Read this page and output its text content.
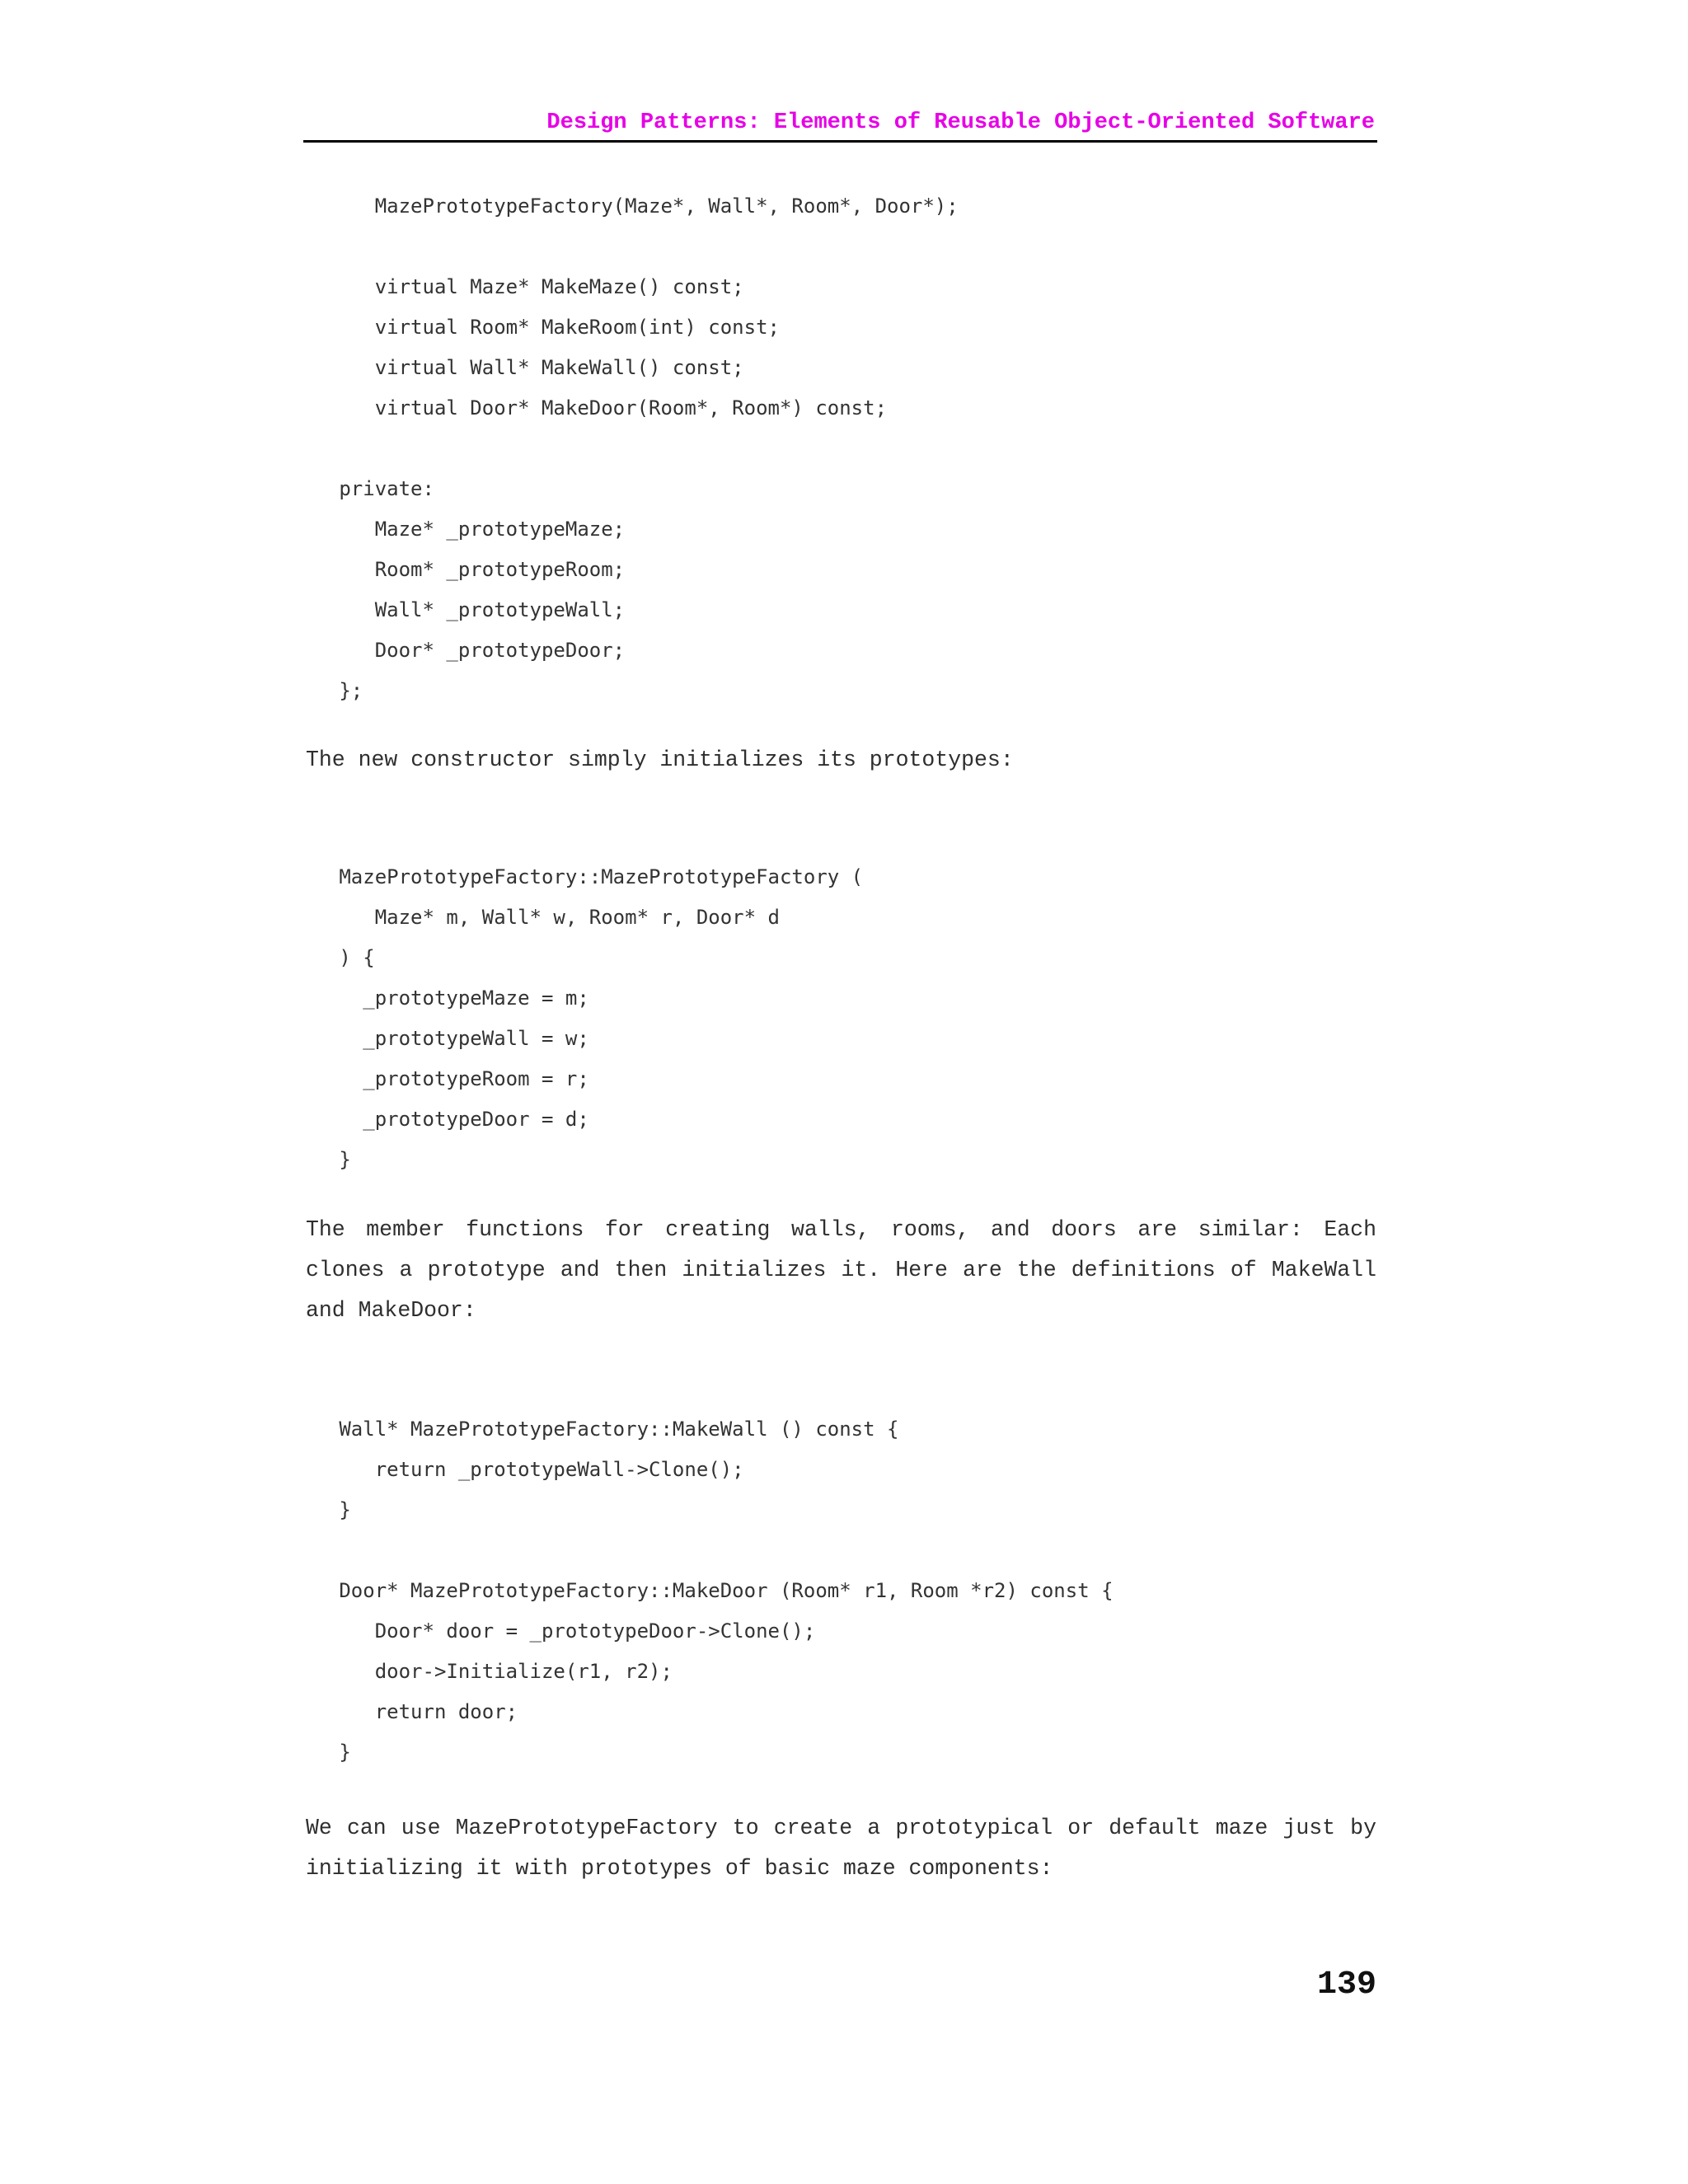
Design Patterns: Elements of Reusable Object-Oriented Software
MazePrototypeFactory(Maze*, Wall*, Room*, Door*);

virtual Maze* MakeMaze() const;
virtual Room* MakeRoom(int) const;
virtual Wall* MakeWall() const;
virtual Door* MakeDoor(Room*, Room*) const;

private:
Maze* _prototypeMaze;
Room* _prototypeRoom;
Wall* _prototypeWall;
Door* _prototypeDoor;
};

The new constructor simply initializes its prototypes:

MazePrototypeFactory::MazePrototypeFactory (
Maze* m, Wall* w, Room* r, Door* d
) {
_prototypeMaze = m;
_prototypeWall = w;
_prototypeRoom = r;
_prototypeDoor = d;
}

The member functions for creating walls, rooms, and doors are similar: Each clones a prototype and then initializes it. Here are the definitions of MakeWall and MakeDoor:

Wall* MazePrototypeFactory::MakeWall () const {
return _prototypeWall->Clone();
}

Door* MazePrototypeFactory::MakeDoor (Room* r1, Room *r2) const {
Door* door = _prototypeDoor->Clone();
door->Initialize(r1, r2);
return door;
}

We can use MazePrototypeFactory to create a prototypical or default maze just by initializing it with prototypes of basic maze components:

139
